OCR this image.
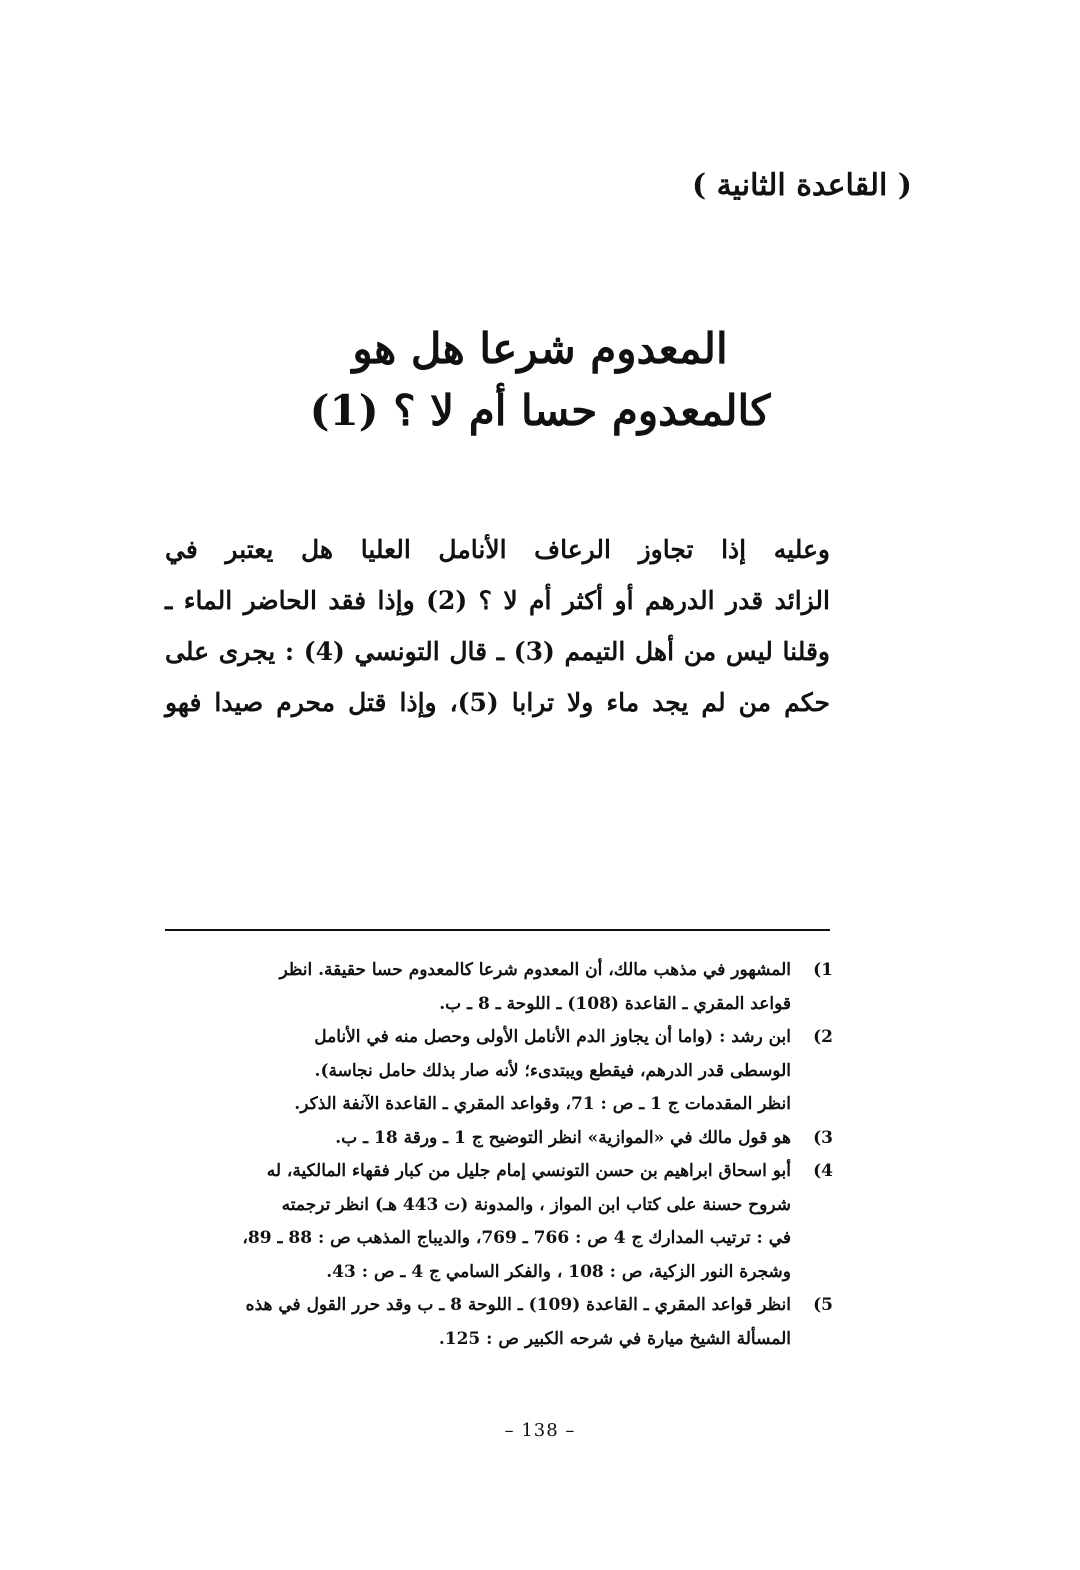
( القاعدة الثانية )
المعدوم شرعا هل هو
كالمعدوم حسا أم لا ؟ (1)
وعليه إذا تجاوز الرعاف الأنامل العليا هل يعتبر في
الزائد قدر الدرهم أو أكثر أم لا ؟ (2) وإذا فقد الحاضر الماء ـ
وقلنا ليس من أهل التيمم (3) ـ قال التونسي (4) : يجرى على
حكم من لم يجد ماء ولا ترابا (5)، وإذا قتل محرم صيدا فهو
(1
المشهور في مذهب مالك، أن المعدوم شرعا كالمعدوم حسا حقيقة. انظر
قواعد المقري ـ القاعدة (108) ـ اللوحة ـ 8 ـ ب.
(2
ابن رشد : (واما أن يجاوز الدم الأنامل الأولى وحصل منه في الأنامل
الوسطى قدر الدرهم، فيقطع ويبتدىء؛ لأنه صار بذلك حامل نجاسة).
انظر المقدمات ج 1 ـ ص : 71، وقواعد المقري ـ القاعدة الآنفة الذكر.
(3
هو قول مالك في «الموازية» انظر التوضيح ج 1 ـ ورقة 18 ـ ب.
(4
أبو اسحاق ابراهيم بن حسن التونسي إمام جليل من كبار فقهاء المالكية، له
شروح حسنة على كتاب ابن المواز ، والمدونة (ت 443 هـ) انظر ترجمته
في : ترتيب المدارك ج 4 ص : 766 ـ 769، والديباج المذهب ص : 88 ـ 89،
وشجرة النور الزكية، ص : 108 ، والفكر السامي ج 4 ـ ص : 43.
(5
انظر قواعد المقري ـ القاعدة (109) ـ اللوحة 8 ـ ب وقد حرر القول في هذه
المسألة الشيخ ميارة في شرحه الكبير ص : 125.
– 138 –
